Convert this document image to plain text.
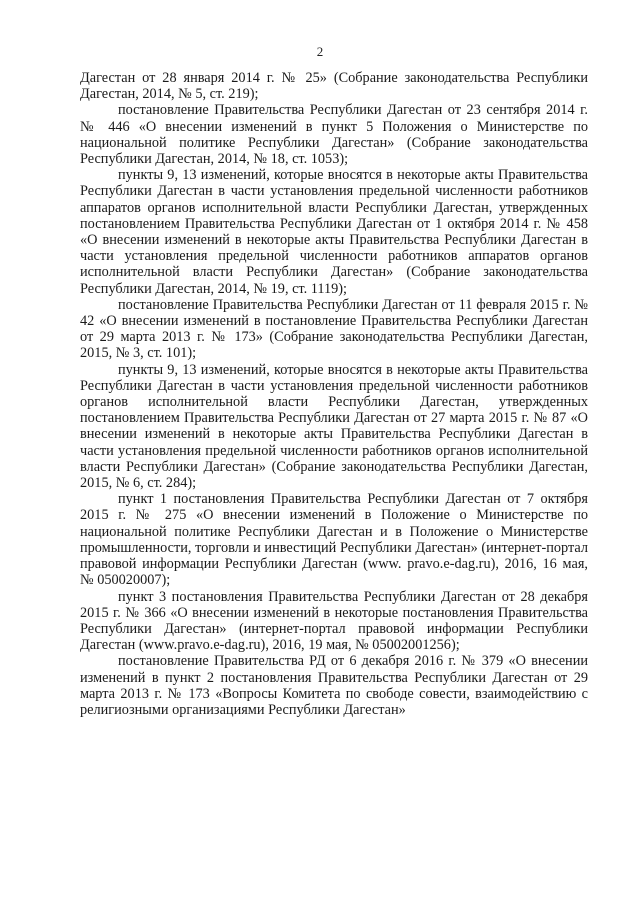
2

Дагестан от 28 января 2014 г. № 25» (Собрание законодательства Республики Дагестан, 2014, № 5, ст. 219);

постановление Правительства Республики Дагестан от 23 сентября 2014 г. № 446 «О внесении изменений в пункт 5 Положения о Министерстве по национальной политике Республики Дагестан» (Собрание законодательства Республики Дагестан, 2014, № 18, ст. 1053);

пункты 9, 13 изменений, которые вносятся в некоторые акты Правительства Республики Дагестан в части установления предельной численности работников аппаратов органов исполнительной власти Республики Дагестан, утвержденных постановлением Правительства Республики Дагестан от 1 октября 2014 г. № 458 «О внесении изменений в некоторые акты Правительства Республики Дагестан в части установления предельной численности работников аппаратов органов исполнительной власти Республики Дагестан» (Собрание законодательства Республики Дагестан, 2014, № 19, ст. 1119);

постановление Правительства Республики Дагестан от 11 февраля 2015 г. № 42 «О внесении изменений в постановление Правительства Республики Дагестан от 29 марта 2013 г. № 173» (Собрание законодательства Республики Дагестан, 2015, № 3, ст. 101);

пункты 9, 13 изменений, которые вносятся в некоторые акты Правительства Республики Дагестан в части установления предельной численности работников органов исполнительной власти Республики Дагестан, утвержденных постановлением Правительства Республики Дагестан от 27 марта 2015 г. № 87 «О внесении изменений в некоторые акты Правительства Республики Дагестан в части установления предельной численности работников органов исполнительной власти Республики Дагестан» (Собрание законодательства Республики Дагестан, 2015, № 6, ст. 284);

пункт 1 постановления Правительства Республики Дагестан от 7 октября 2015 г. № 275 «О внесении изменений в Положение о Министерстве по национальной политике Республики Дагестан и в Положение о Министерстве промышленности, торговли и инвестиций Республики Дагестан» (интернет-портал правовой информации Республики Дагестан (www. pravo.e-dag.ru), 2016, 16 мая, № 050020007);

пункт 3 постановления Правительства Республики Дагестан от 28 декабря 2015 г. № 366 «О внесении изменений в некоторые постановления Правительства Республики Дагестан» (интернет-портал правовой информации Республики Дагестан (www.pravo.e-dag.ru), 2016, 19 мая, № 05002001256);

постановление Правительства РД от 6 декабря 2016 г. № 379 «О внесении изменений в пункт 2 постановления Правительства Республики Дагестан от 29 марта 2013 г. № 173 «Вопросы Комитета по свободе совести, взаимодействию с религиозными организациями Республики Дагестан»
